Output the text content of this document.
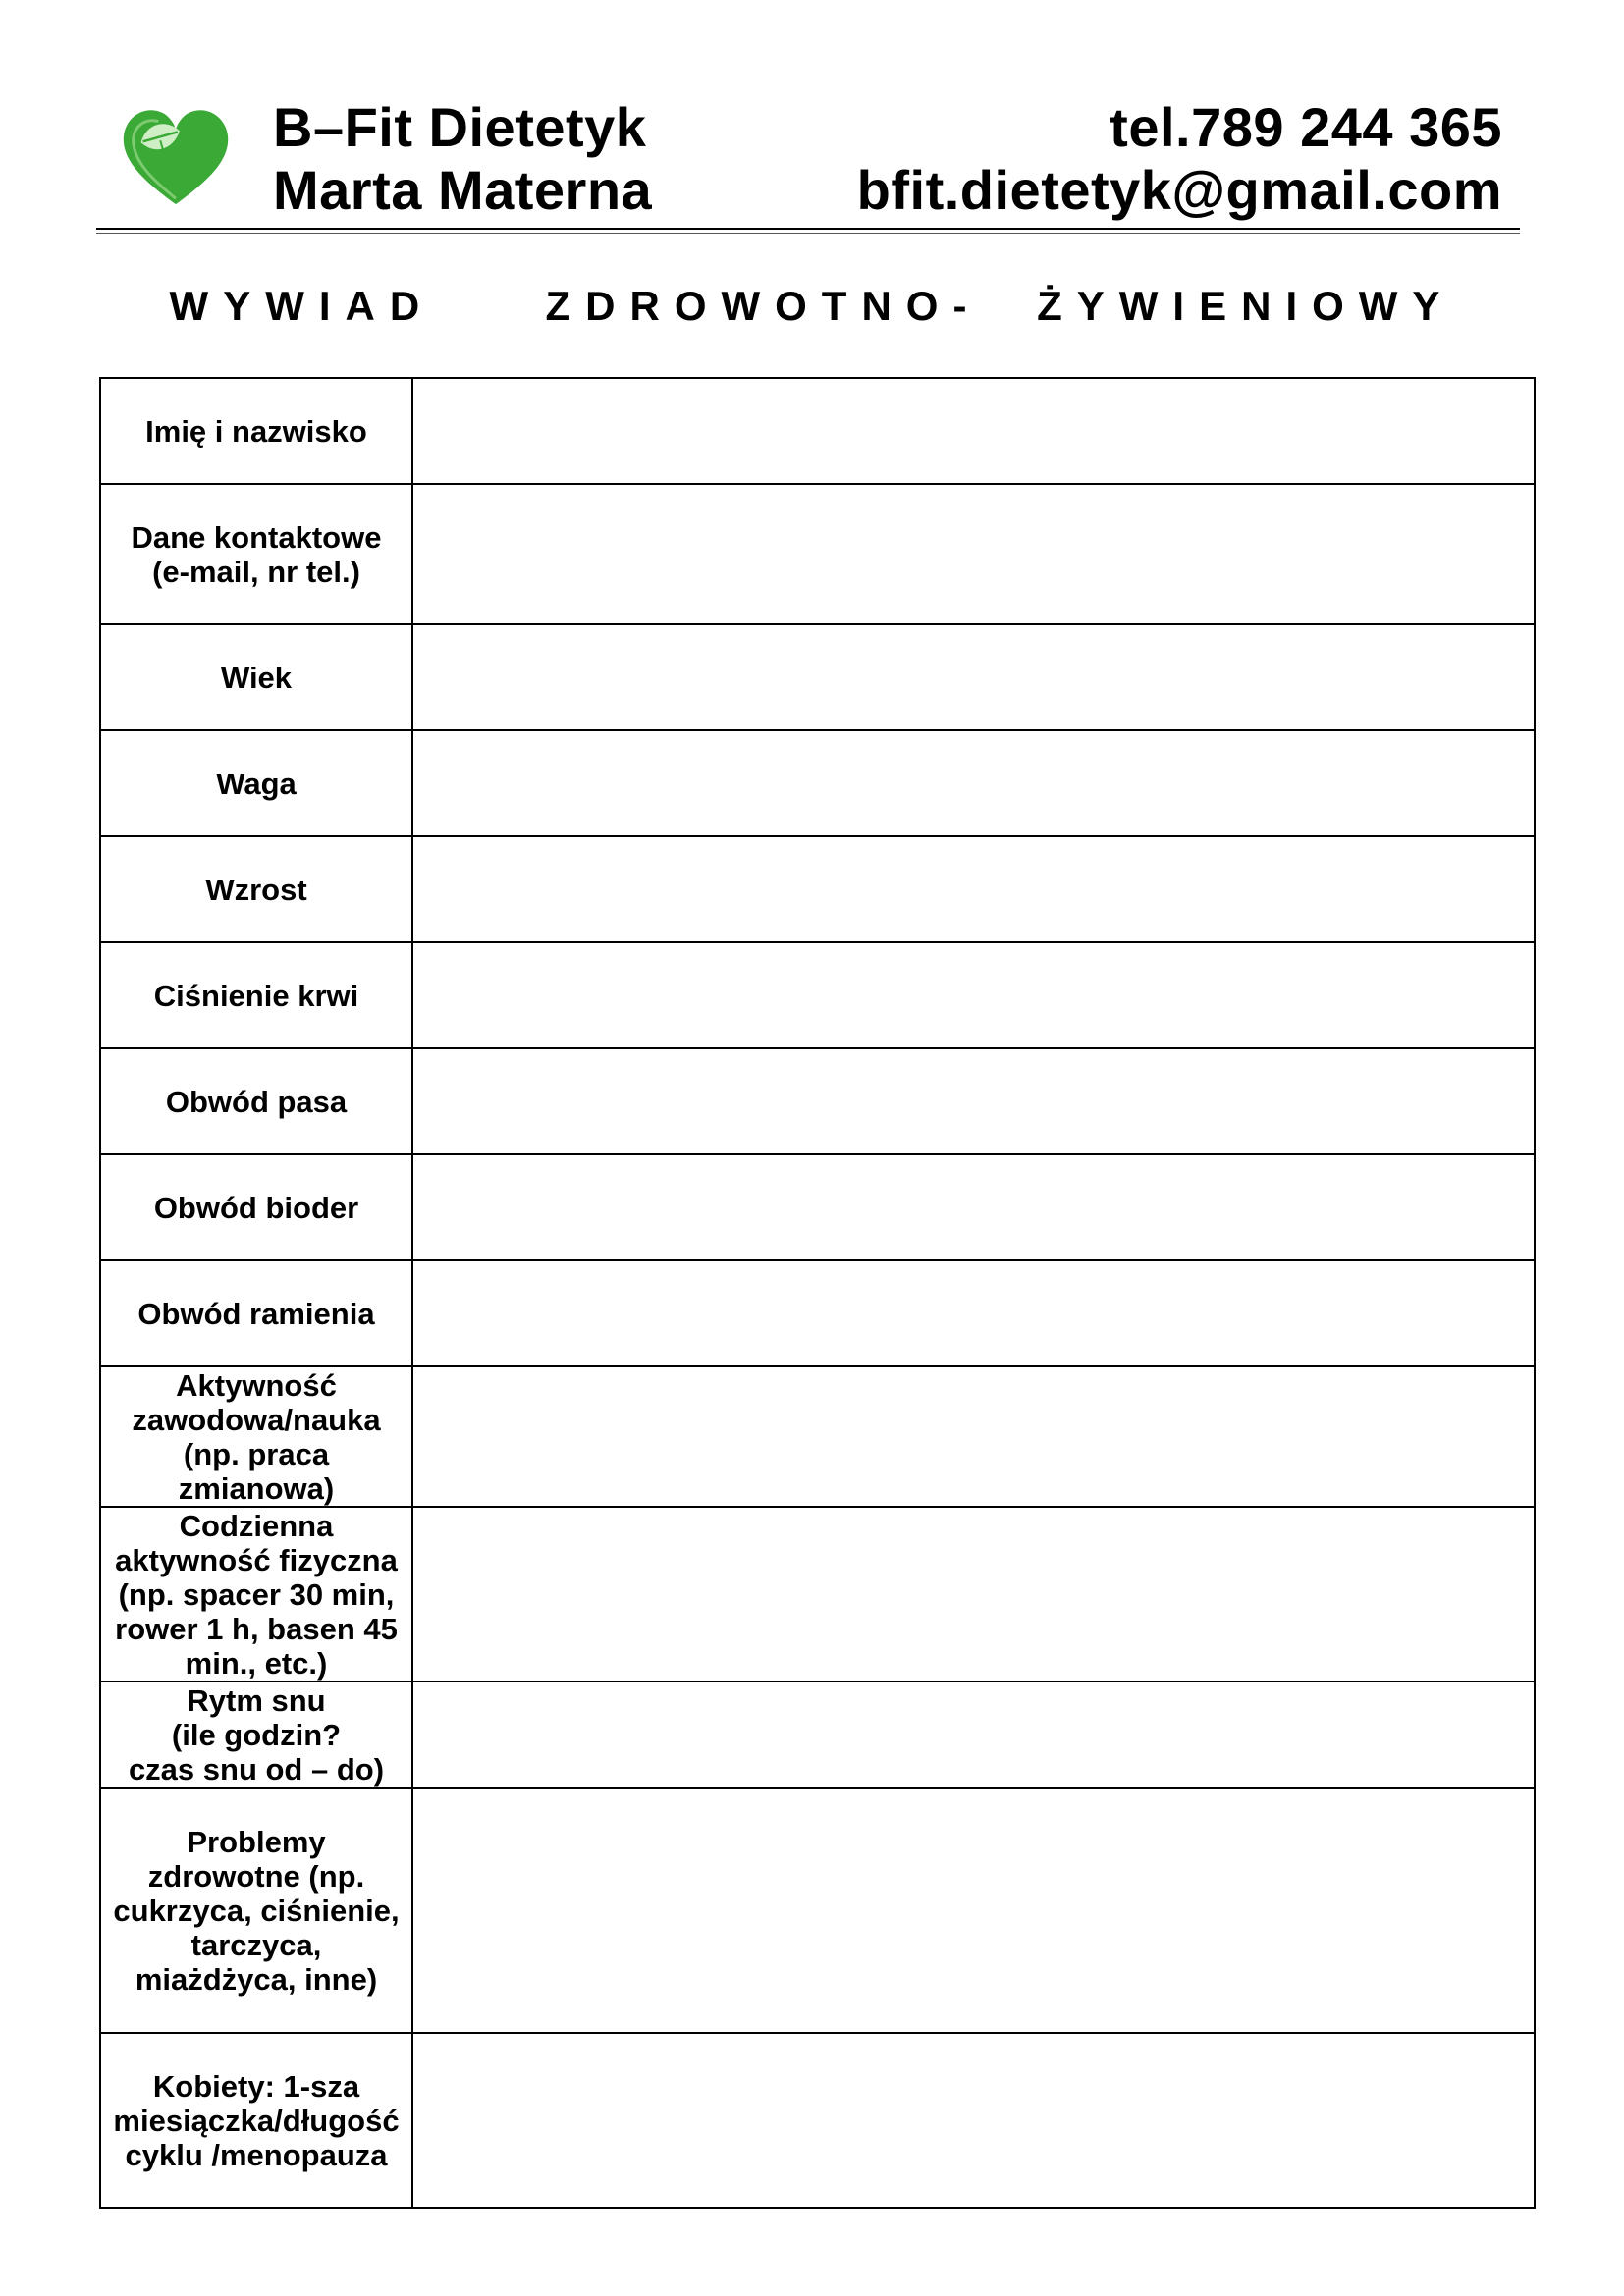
B–Fit Dietetyk
Marta Materna
tel.789 244 365
bfit.dietetyk@gmail.com
WYWIAD  ZDROWOTNO- ŻYWIENIOWY
Imię i nazwisko	
Dane kontaktowe
(e-mail, nr tel.)	
Wiek	
Waga	
Wzrost	
Ciśnienie krwi	
Obwód pasa	
Obwód bioder	
Obwód ramienia	
Aktywność
zawodowa/nauka
(np. praca
zmianowa)	
Codzienna
aktywność fizyczna
(np. spacer 30 min,
rower 1 h, basen 45
min., etc.)	
Rytm snu
(ile godzin?
czas snu od – do)	
Problemy
zdrowotne (np.
cukrzyca, ciśnienie,
tarczyca,
miażdżyca, inne)	
Kobiety: 1-sza
miesiączka/długość
cyklu /menopauza	
